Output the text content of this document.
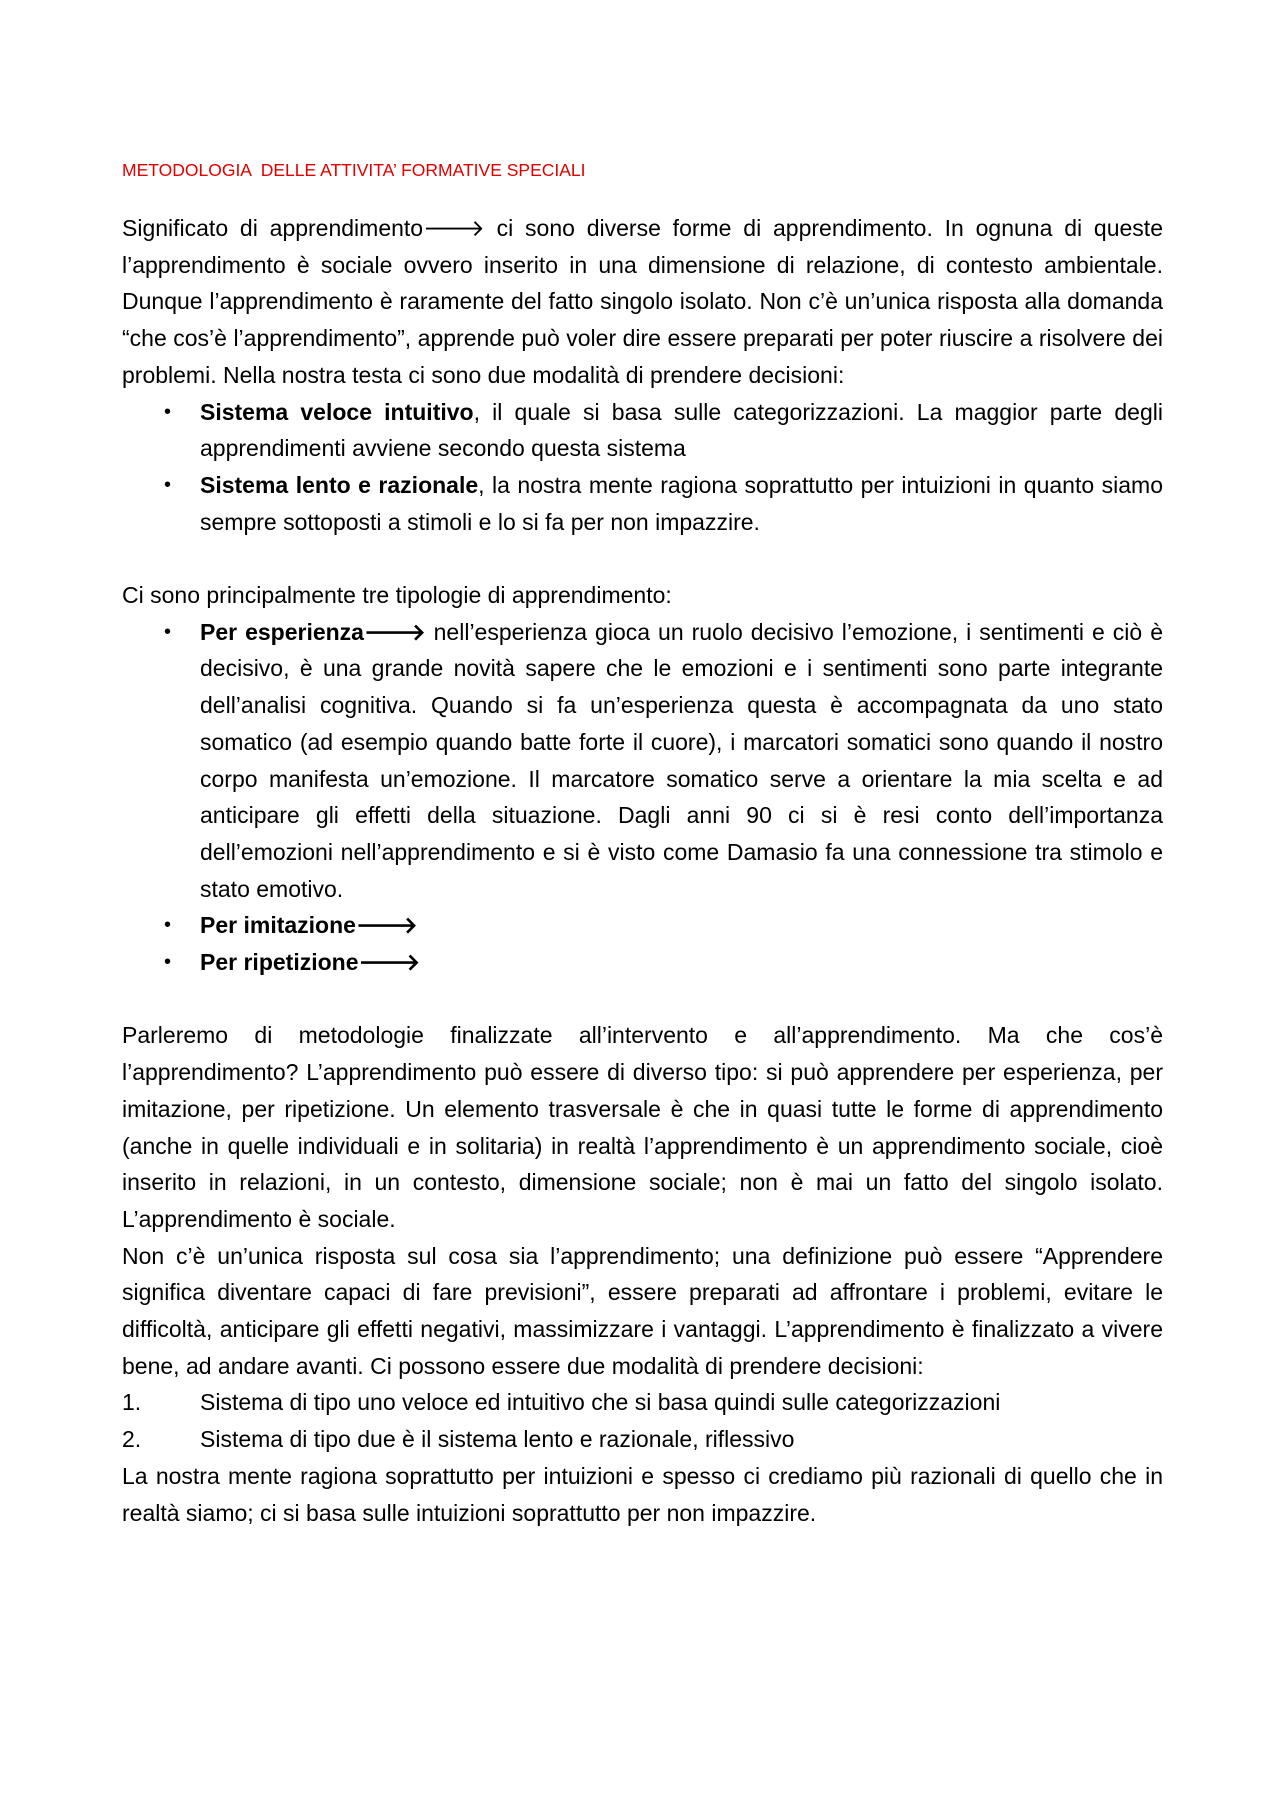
METODOLOGIA  DELLE ATTIVITA’ FORMATIVE SPECIALI

Significato di apprendimento🡒 ci sono diverse forme di apprendimento. In ognuna di queste l’apprendimento è sociale ovvero inserito in una dimensione di relazione, di contesto ambientale. Dunque l’apprendimento è raramente del fatto singolo isolato. Non c’è un’unica risposta alla domanda “che cos’è l’apprendimento”, apprende può voler dire essere preparati per poter riuscire a risolvere dei problemi. Nella nostra testa ci sono due modalità di prendere decisioni:

• Sistema veloce intuitivo, il quale si basa sulle categorizzazioni. La maggior parte degli apprendimenti avviene secondo questa sistema
• Sistema lento e razionale, la nostra mente ragiona soprattutto per intuizioni in quanto siamo sempre sottoposti a stimoli e lo si fa per non impazzire.

Ci sono principalmente tre tipologie di apprendimento:

• Per esperienza🡒 nell’esperienza gioca un ruolo decisivo l’emozione, i sentimenti e ciò è decisivo, è una grande novità sapere che le emozioni e i sentimenti sono parte integrante dell’analisi cognitiva. Quando si fa un’esperienza questa è accompagnata da uno stato somatico (ad esempio quando batte forte il cuore), i marcatori somatici sono quando il nostro corpo manifesta un’emozione. Il marcatore somatico serve a orientare la mia scelta e ad anticipare gli effetti della situazione. Dagli anni 90 ci si è resi conto dell’importanza dell’emozioni nell’apprendimento e si è visto come Damasio fa una connessione tra stimolo e stato emotivo.
• Per imitazione🡒
• Per ripetizione🡒

Parleremo di metodologie finalizzate all’intervento e all’apprendimento. Ma che cos’è l’apprendimento? L’apprendimento può essere di diverso tipo: si può apprendere per esperienza, per imitazione, per ripetizione. Un elemento trasversale è che in quasi tutte le forme di apprendimento (anche in quelle individuali e in solitaria) in realtà l’apprendimento è un apprendimento sociale, cioè inserito in relazioni, in un contesto, dimensione sociale; non è mai un fatto del singolo isolato. L’apprendimento è sociale.

Non c’è un’unica risposta sul cosa sia l’apprendimento; una definizione può essere “Apprendere significa diventare capaci di fare previsioni”, essere preparati ad affrontare i problemi, evitare le difficoltà, anticipare gli effetti negativi, massimizzare i vantaggi. L’apprendimento è finalizzato a vivere bene, ad andare avanti. Ci possono essere due modalità di prendere decisioni:

1.	Sistema di tipo uno veloce ed intuitivo che si basa quindi sulle categorizzazioni
2.	Sistema di tipo due è il sistema lento e razionale, riflessivo

La nostra mente ragiona soprattutto per intuizioni e spesso ci crediamo più razionali di quello che in realtà siamo; ci si basa sulle intuizioni soprattutto per non impazzire.
